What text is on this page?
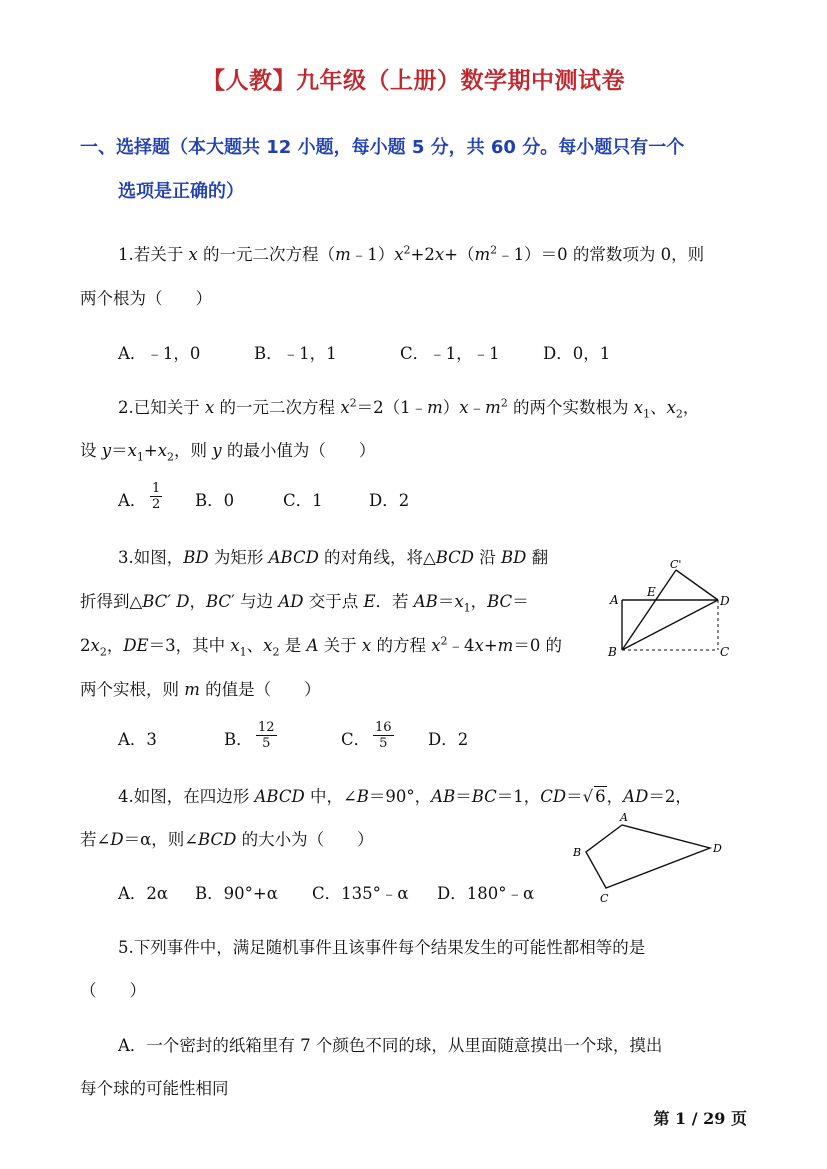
【人教】九年级（上册）数学期中测试卷
一、选择题（本大题共 12 小题，每小题 5 分，共 60 分。每小题只有一个
选项是正确的）
1.若关于 x 的一元二次方程$(m﹣1)x^2+2x+(m^2﹣1)=0$ 的常数项为 0，则
两个根为（　　）
A．﹣1，0	B．﹣1，1	C．﹣1，﹣1	D．0，1
2.已知关于 x 的一元二次方程 $x^2=2(1﹣m)x﹣m^2$ 的两个实数根为 $x_1$、$x_2$，
设 $y=x_1+x_2$，则 y 的最小值为（　　）
A． $\frac{1}{2}$ B．0	C．1	D．2
3.如图，BD 为矩形 ABCD 的对角线，将△BCD 沿 BD 翻
折得到△BC′ D，BC′ 与边 AD 交于点 E．若 $AB=x_1$，BC＝
$2x_2$，DE＝3，其中 $x_1$、$x_2$ 是 A 关于 x 的方程 $x^2﹣4x+m=0$ 的
两个实根，则 m 的值是（　　）
A．3	B． $\frac{12}{5}$	C． $\frac{16}{5}$ D．2
A
B	C
D
E
C'
4.如图，在四边形 ABCD 中，∠B＝90°，AB＝BC＝1，CD＝√ 6，AD＝2，
若∠D＝α，则∠BCD 的大小为（　　）
A．2α B．90°+α C．135°﹣α D．180°﹣α
A
B
C
D
5.下列事件中，满足随机事件且该事件每个结果发生的可能性都相等的是
（　　）
A．一个密封的纸箱里有 7 个颜色不同的球，从里面随意摸出一个球，摸出
每个球的可能性相同
第 1 / 29 页
